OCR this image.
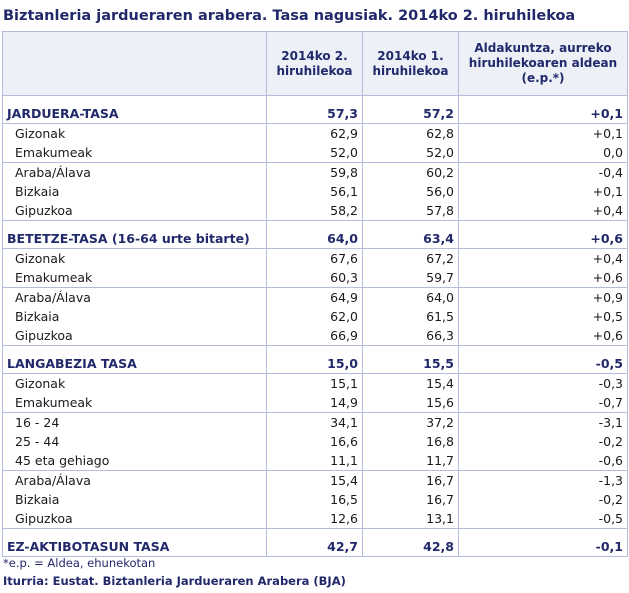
Biztanleria jardueraren arabera. Tasa nagusiak. 2014ko 2. hiruhilekoa
	2014ko 2. hiruhilekoa	2014ko 1. hiruhilekoa	Aldakuntza, aurreko hiruhilekoaren aldean (e.p.*)

JARDUERA-TASA	57,3	57,2	+0,1
Gizonak	62,9	62,8	+0,1
Emakumeak	52,0	52,0	0,0
Araba/Álava	59,8	60,2	-0,4
Bizkaia	56,1	56,0	+0,1
Gipuzkoa	58,2	57,8	+0,4

BETETZE-TASA (16-64 urte bitarte)	64,0	63,4	+0,6
Gizonak	67,6	67,2	+0,4
Emakumeak	60,3	59,7	+0,6
Araba/Álava	64,9	64,0	+0,9
Bizkaia	62,0	61,5	+0,5
Gipuzkoa	66,9	66,3	+0,6

LANGABEZIA TASA	15,0	15,5	-0,5
Gizonak	15,1	15,4	-0,3
Emakumeak	14,9	15,6	-0,7
16 - 24	34,1	37,2	-3,1
25 - 44	16,6	16,8	-0,2
45 eta gehiago	11,1	11,7	-0,6
Araba/Álava	15,4	16,7	-1,3
Bizkaia	16,5	16,7	-0,2
Gipuzkoa	12,6	13,1	-0,5

EZ-AKTIBOTASUN TASA	42,7	42,8	-0,1
*e.p. = Aldea, ehunekotan
Iturria: Eustat. Biztanleria Jardueraren Arabera (BJA)
